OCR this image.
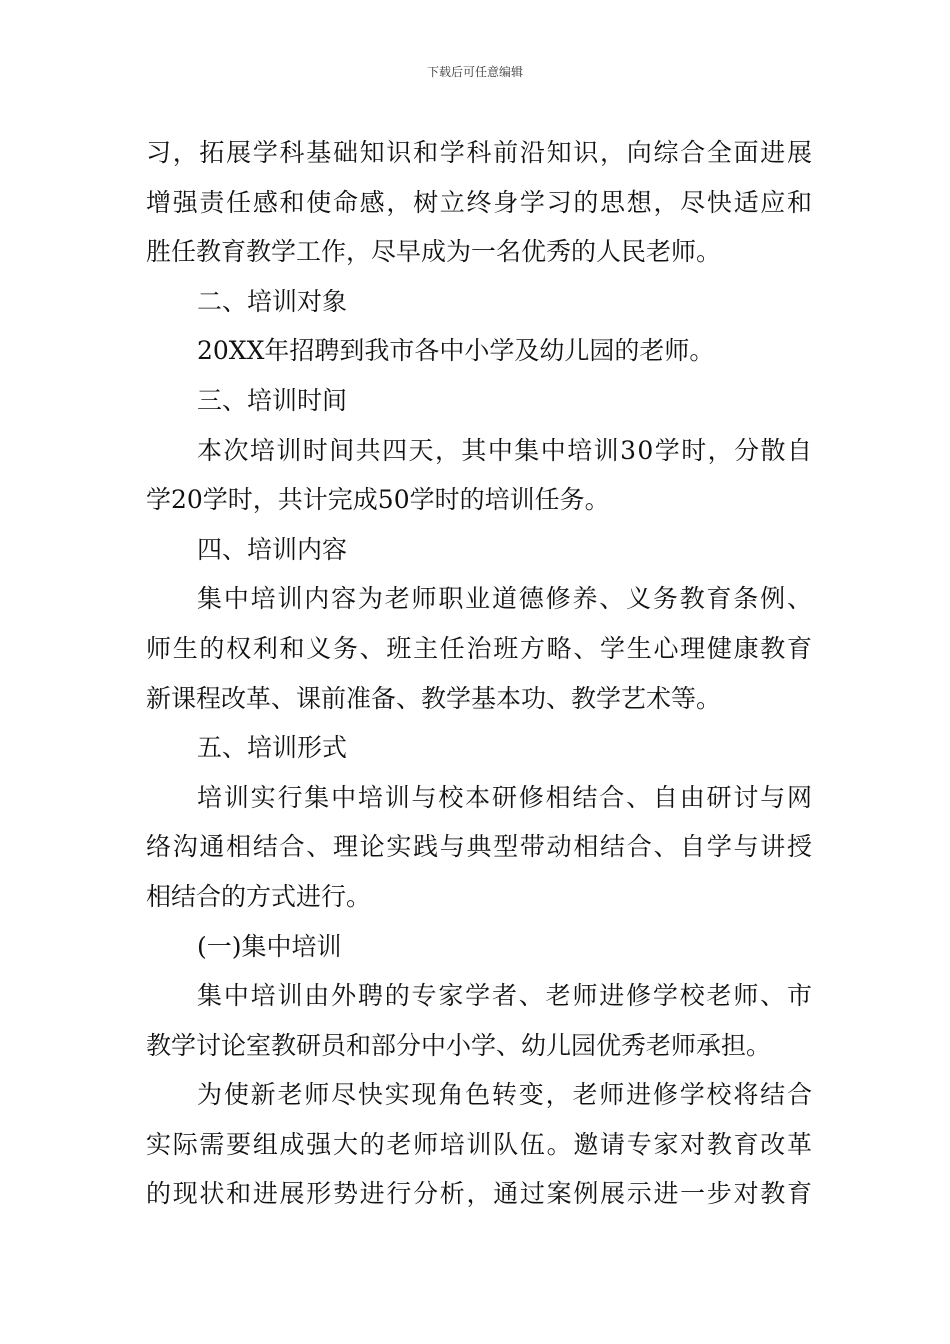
下载后可任意编辑
习，拓展学科基础知识和学科前沿知识，向综合全面进展
增强责任感和使命感，树立终身学习的思想，尽快适应和
胜任教育教学工作，尽早成为一名优秀的人民老师。
二、培训对象
20XX年招聘到我市各中小学及幼儿园的老师。
三、培训时间
本次培训时间共四天，其中集中培训30学时，分散自
学20学时，共计完成50学时的培训任务。
四、培训内容
集中培训内容为老师职业道德修养、义务教育条例、
师生的权利和义务、班主任治班方略、学生心理健康教育
新课程改革、课前准备、教学基本功、教学艺术等。
五、培训形式
培训实行集中培训与校本研修相结合、自由研讨与网
络沟通相结合、理论实践与典型带动相结合、自学与讲授
相结合的方式进行。
(一)集中培训
集中培训由外聘的专家学者、老师进修学校老师、市
教学讨论室教研员和部分中小学、幼儿园优秀老师承担。
为使新老师尽快实现角色转变，老师进修学校将结合
实际需要组成强大的老师培训队伍。邀请专家对教育改革
的现状和进展形势进行分析，通过案例展示进一步对教育
